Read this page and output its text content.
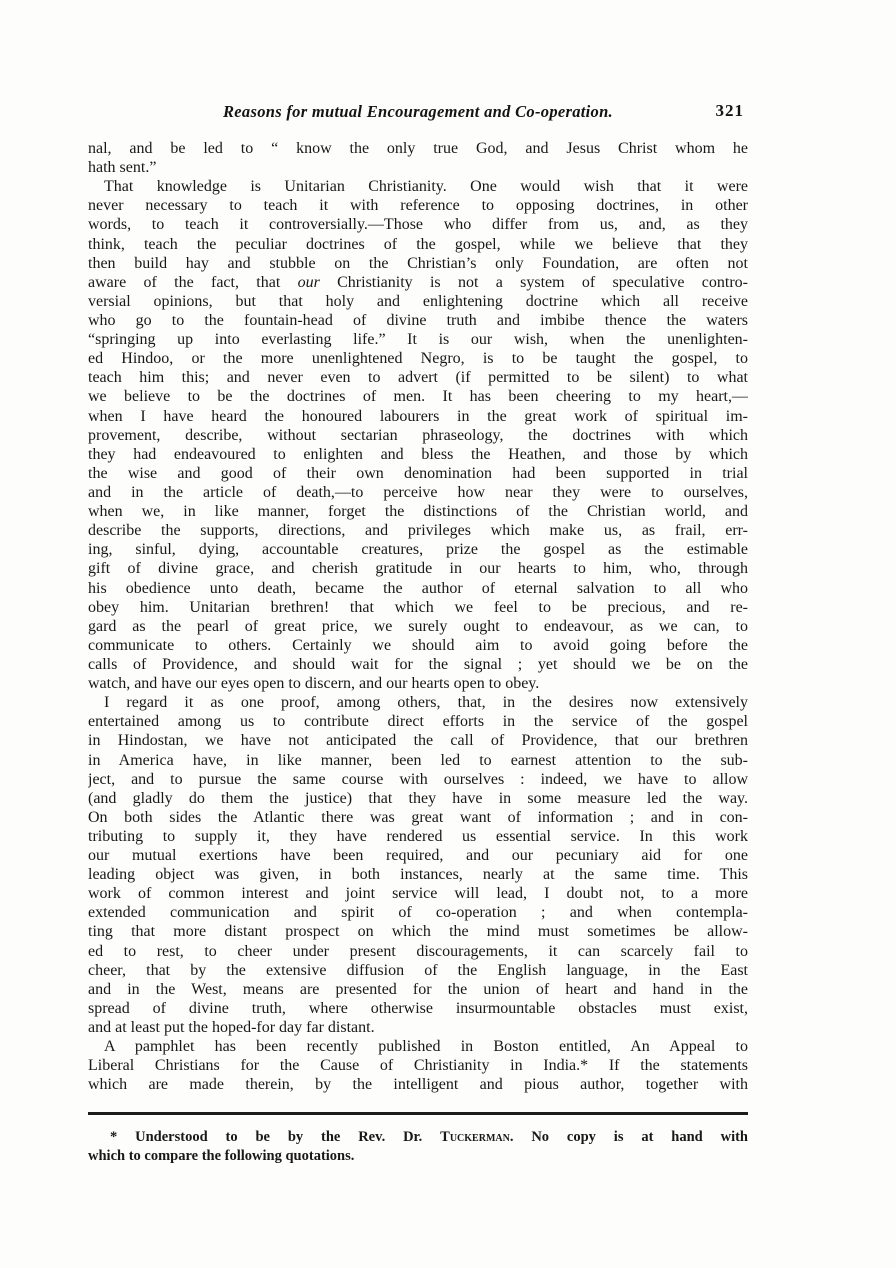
Reasons for mutual Encouragement and Co-operation.	321
nal, and be led to “ know the only true God, and Jesus Christ whom he
hath sent.”
That knowledge is Unitarian Christianity. One would wish that it were
never necessary to teach it with reference to opposing doctrines, in other
words, to teach it controversially.—Those who differ from us, and, as they
think, teach the peculiar doctrines of the gospel, while we believe that they
then build hay and stubble on the Christian’s only Foundation, are often not
aware of the fact, that our Christianity is not a system of speculative contro-
versial opinions, but that holy and enlightening doctrine which all receive
who go to the fountain-head of divine truth and imbibe thence the waters
“springing up into everlasting life.” It is our wish, when the unenlighten-
ed Hindoo, or the more unenlightened Negro, is to be taught the gospel, to
teach him this; and never even to advert (if permitted to be silent) to what
we believe to be the doctrines of men. It has been cheering to my heart,—
when I have heard the honoured labourers in the great work of spiritual im-
provement, describe, without sectarian phraseology, the doctrines with which
they had endeavoured to enlighten and bless the Heathen, and those by which
the wise and good of their own denomination had been supported in trial
and in the article of death,—to perceive how near they were to ourselves,
when we, in like manner, forget the distinctions of the Christian world, and
describe the supports, directions, and privileges which make us, as frail, err-
ing, sinful, dying, accountable creatures, prize the gospel as the estimable
gift of divine grace, and cherish gratitude in our hearts to him, who, through
his obedience unto death, became the author of eternal salvation to all who
obey him. Unitarian brethren! that which we feel to be precious, and re-
gard as the pearl of great price, we surely ought to endeavour, as we can, to
communicate to others. Certainly we should aim to avoid going before the
calls of Providence, and should wait for the signal ; yet should we be on the
watch, and have our eyes open to discern, and our hearts open to obey.
I regard it as one proof, among others, that, in the desires now extensively
entertained among us to contribute direct efforts in the service of the gospel
in Hindostan, we have not anticipated the call of Providence, that our brethren
in America have, in like manner, been led to earnest attention to the sub-
ject, and to pursue the same course with ourselves : indeed, we have to allow
(and gladly do them the justice) that they have in some measure led the way.
On both sides the Atlantic there was great want of information ; and in con-
tributing to supply it, they have rendered us essential service. In this work
our mutual exertions have been required, and our pecuniary aid for one
leading object was given, in both instances, nearly at the same time. This
work of common interest and joint service will lead, I doubt not, to a more
extended communication and spirit of co-operation ; and when contempla-
ting that more distant prospect on which the mind must sometimes be allow-
ed to rest, to cheer under present discouragements, it can scarcely fail to
cheer, that by the extensive diffusion of the English language, in the East
and in the West, means are presented for the union of heart and hand in the
spread of divine truth, where otherwise insurmountable obstacles must exist,
and at least put the hoped-for day far distant.
A pamphlet has been recently published in Boston entitled, An Appeal to
Liberal Christians for the Cause of Christianity in India.* If the statements
which are made therein, by the intelligent and pious author, together with
* Understood to be by the Rev. Dr. Tuckerman. No copy is at hand with
which to compare the following quotations.
